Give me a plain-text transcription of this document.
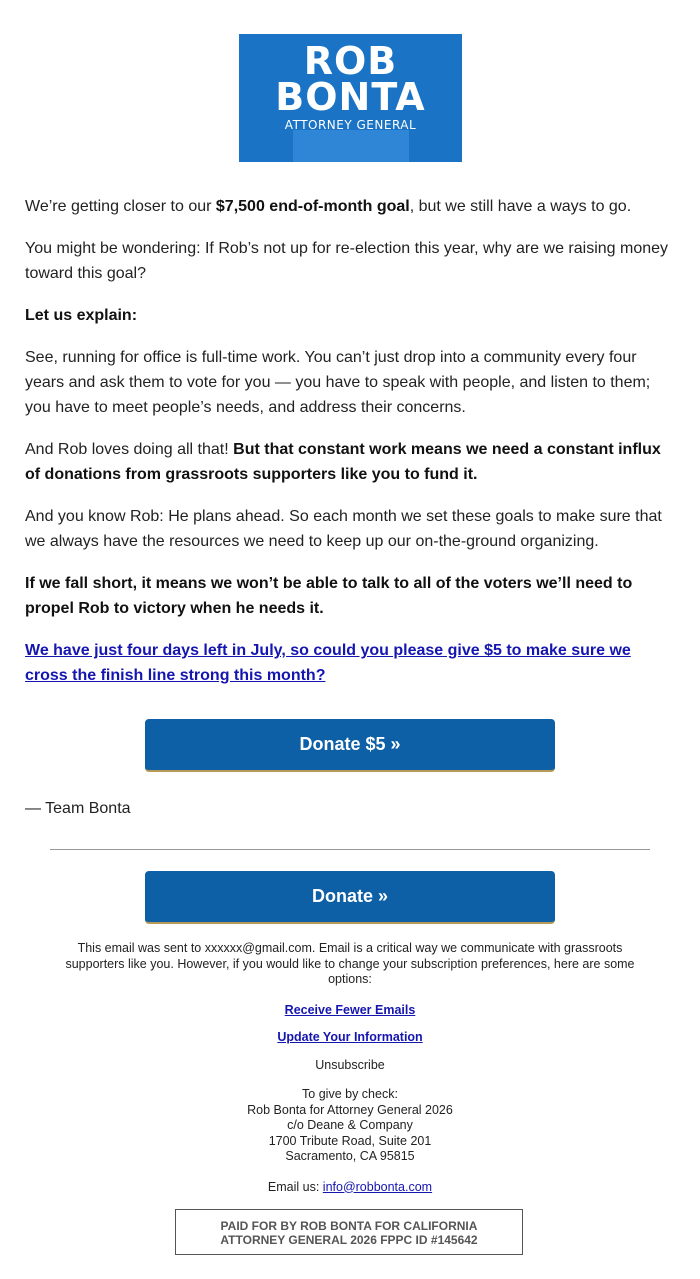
ROB
BONTA
ATTORNEY GENERAL

We’re getting closer to our $7,500 end-of-month goal, but we still have a ways to go.

You might be wondering: If Rob’s not up for re-election this year, why are we raising money toward this goal?

Let us explain:

See, running for office is full-time work. You can’t just drop into a community every four years and ask them to vote for you — you have to speak with people, and listen to them; you have to meet people’s needs, and address their concerns.

And Rob loves doing all that! But that constant work means we need a constant influx of donations from grassroots supporters like you to fund it.

And you know Rob: He plans ahead. So each month we set these goals to make sure that we always have the resources we need to keep up our on-the-ground organizing.

If we fall short, it means we won’t be able to talk to all of the voters we’ll need to propel Rob to victory when he needs it.

We have just four days left in July, so could you please give $5 to make sure we cross the finish line strong this month?

Donate $5 »
— Team Bonta
Donate »
This email was sent to xxxxxx@gmail.com. Email is a critical way we communicate with grassroots supporters like you. However, if you would like to change your subscription preferences, here are some options:
Receive Fewer Emails
Update Your Information
Unsubscribe
To give by check:
Rob Bonta for Attorney General 2026
c/o Deane & Company
1700 Tribute Road, Suite 201
Sacramento, CA 95815
Email us: info@robbonta.com
PAID FOR BY ROB BONTA FOR CALIFORNIA
ATTORNEY GENERAL 2026 FPPC ID #145642
